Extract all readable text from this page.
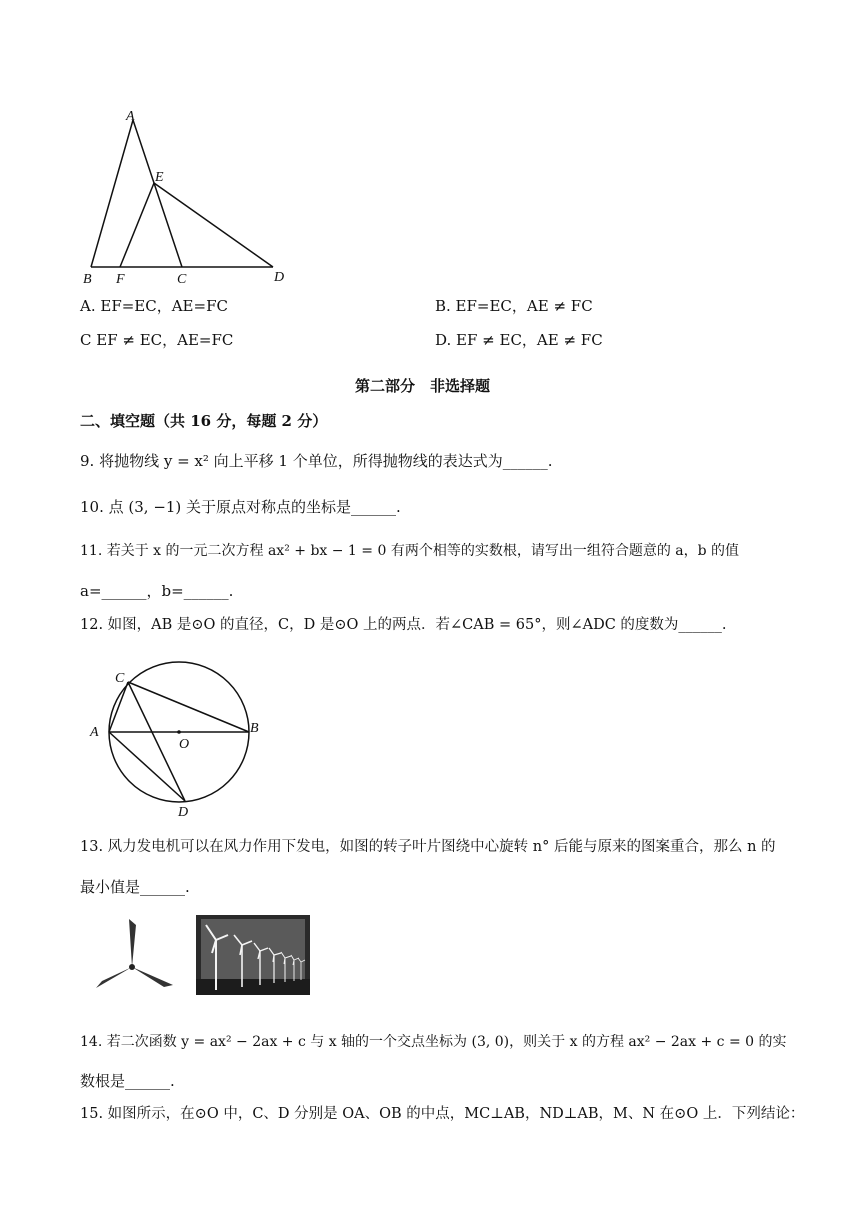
A
E
B F	C	D
A. EF=EC，AE=FC	B. EF=EC，AE ≠ FC
C EF ≠ EC，AE=FC	D. EF ≠ EC，AE ≠ FC
第二部分　非选择题
二、填空题（共 16 分，每题 2 分）
9. 将抛物线 y = x² 向上平移 1 个单位，所得抛物线的表达式为______.
10. 点 (3, −1) 关于原点对称点的坐标是______.
11. 若关于 x 的一元二次方程 ax² + bx − 1 = 0 有两个相等的实数根，请写出一组符合题意的 a，b 的值
a=______，b=______.
12. 如图，AB 是⊙O 的直径，C，D 是⊙O 上的两点．若∠CAB = 65°，则∠ADC 的度数为______.
C
A
O
B
D
13. 风力发电机可以在风力作用下发电，如图的转子叶片图绕中心旋转 n° 后能与原来的图案重合，那么 n 的
最小值是______.
14. 若二次函数 y = ax² − 2ax + c 与 x 轴的一个交点坐标为 (3, 0)，则关于 x 的方程 ax² − 2ax + c = 0 的实
数根是______.
15. 如图所示，在⊙O 中，C、D 分别是 OA、OB 的中点，MC⊥AB，ND⊥AB，M、N 在⊙O 上．下列结论：
